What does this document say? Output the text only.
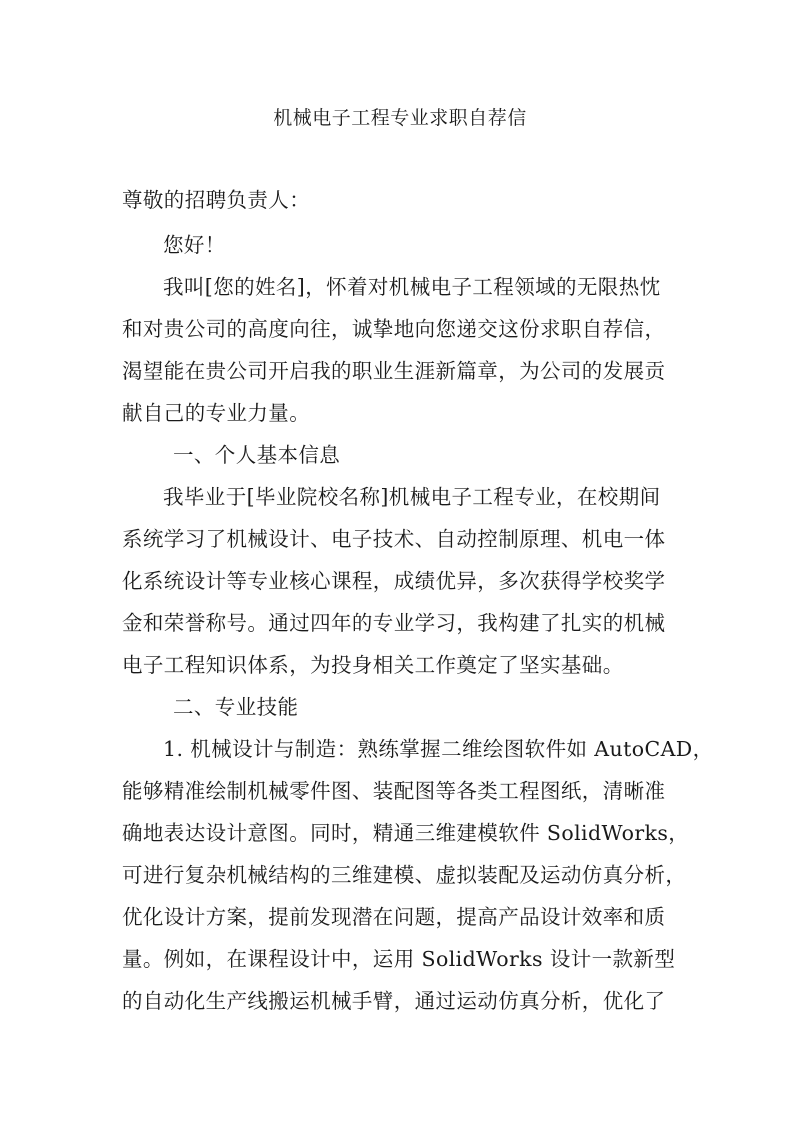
机械电子工程专业求职自荐信
尊敬的招聘负责人：
您好！
我叫[您的姓名]，怀着对机械电子工程领域的无限热忱
和对贵公司的高度向往，诚挚地向您递交这份求职自荐信，
渴望能在贵公司开启我的职业生涯新篇章，为公司的发展贡
献自己的专业力量。
一、个人基本信息
我毕业于[毕业院校名称]机械电子工程专业，在校期间
系统学习了机械设计、电子技术、自动控制原理、机电一体
化系统设计等专业核心课程，成绩优异，多次获得学校奖学
金和荣誉称号。通过四年的专业学习，我构建了扎实的机械
电子工程知识体系，为投身相关工作奠定了坚实基础。
二、专业技能
1. 机械设计与制造：熟练掌握二维绘图软件如 AutoCAD，
能够精准绘制机械零件图、装配图等各类工程图纸，清晰准
确地表达设计意图。同时，精通三维建模软件 SolidWorks，
可进行复杂机械结构的三维建模、虚拟装配及运动仿真分析，
优化设计方案，提前发现潜在问题，提高产品设计效率和质
量。例如，在课程设计中，运用 SolidWorks 设计一款新型
的自动化生产线搬运机械手臂，通过运动仿真分析，优化了
